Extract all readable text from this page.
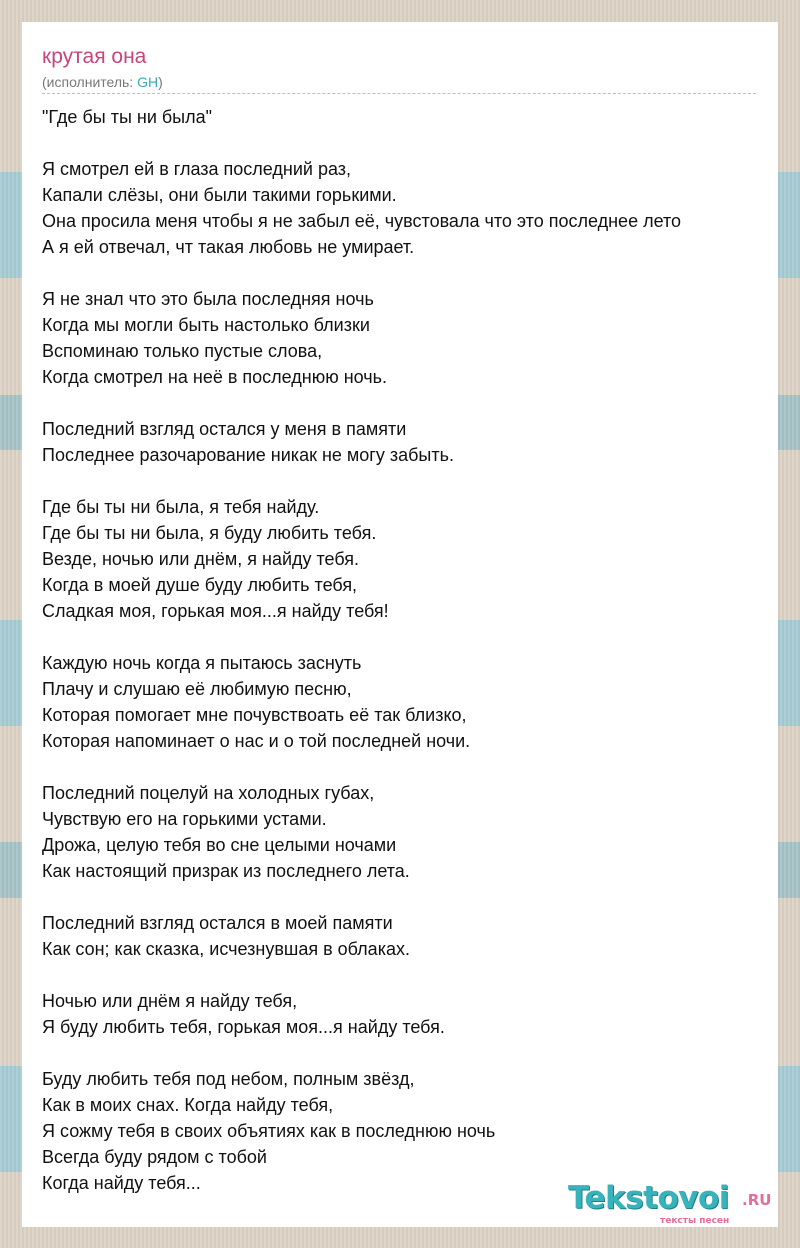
крутая она
(исполнитель: GH)
"Где бы ты ни была"
Я смотрел ей в глаза последний раз,
Капали слёзы, они были такими горькими.
Она просила меня чтобы я не забыл её, чувстовала что это последнее лето
А я ей отвечал, чт такая любовь не умирает.
Я не знал что это была последняя ночь
Когда мы могли быть настолько близки
Вспоминаю только пустые слова,
Когда смотрел на неё в последнюю ночь.
Последний взгляд остался у меня в памяти
Последнее разочарование никак не могу забыть.
Где бы ты ни была, я тебя найду.
Где бы ты ни была, я буду любить тебя.
Везде, ночью или днём, я найду тебя.
Когда в моей душе буду любить тебя,
Сладкая моя, горькая моя...я найду тебя!
Каждую ночь когда я пытаюсь заснуть
Плачу и слушаю её любимую песню,
Которая помогает мне почувствоать её так близко,
Которая напоминает о нас и о той последней ночи.
Последний поцелуй на холодных губах,
Чувствую его на горькими устами.
Дрожа, целую тебя во сне целыми ночами
Как настоящий призрак из последнего лета.
Последний взгляд остался в моей памяти
Как сон; как сказка, исчезнувшая в облаках.
Ночью или днём я найду тебя,
Я буду любить тебя, горькая моя...я найду тебя.
Буду любить тебя под небом, полным звёзд,
Как в моих снах. Когда найду тебя,
Я сожму тебя в своих объятиях как в последнюю ночь
Всегда буду рядом с тобой
Когда найду тебя...	Tekstovoi .RU
тексты песен
